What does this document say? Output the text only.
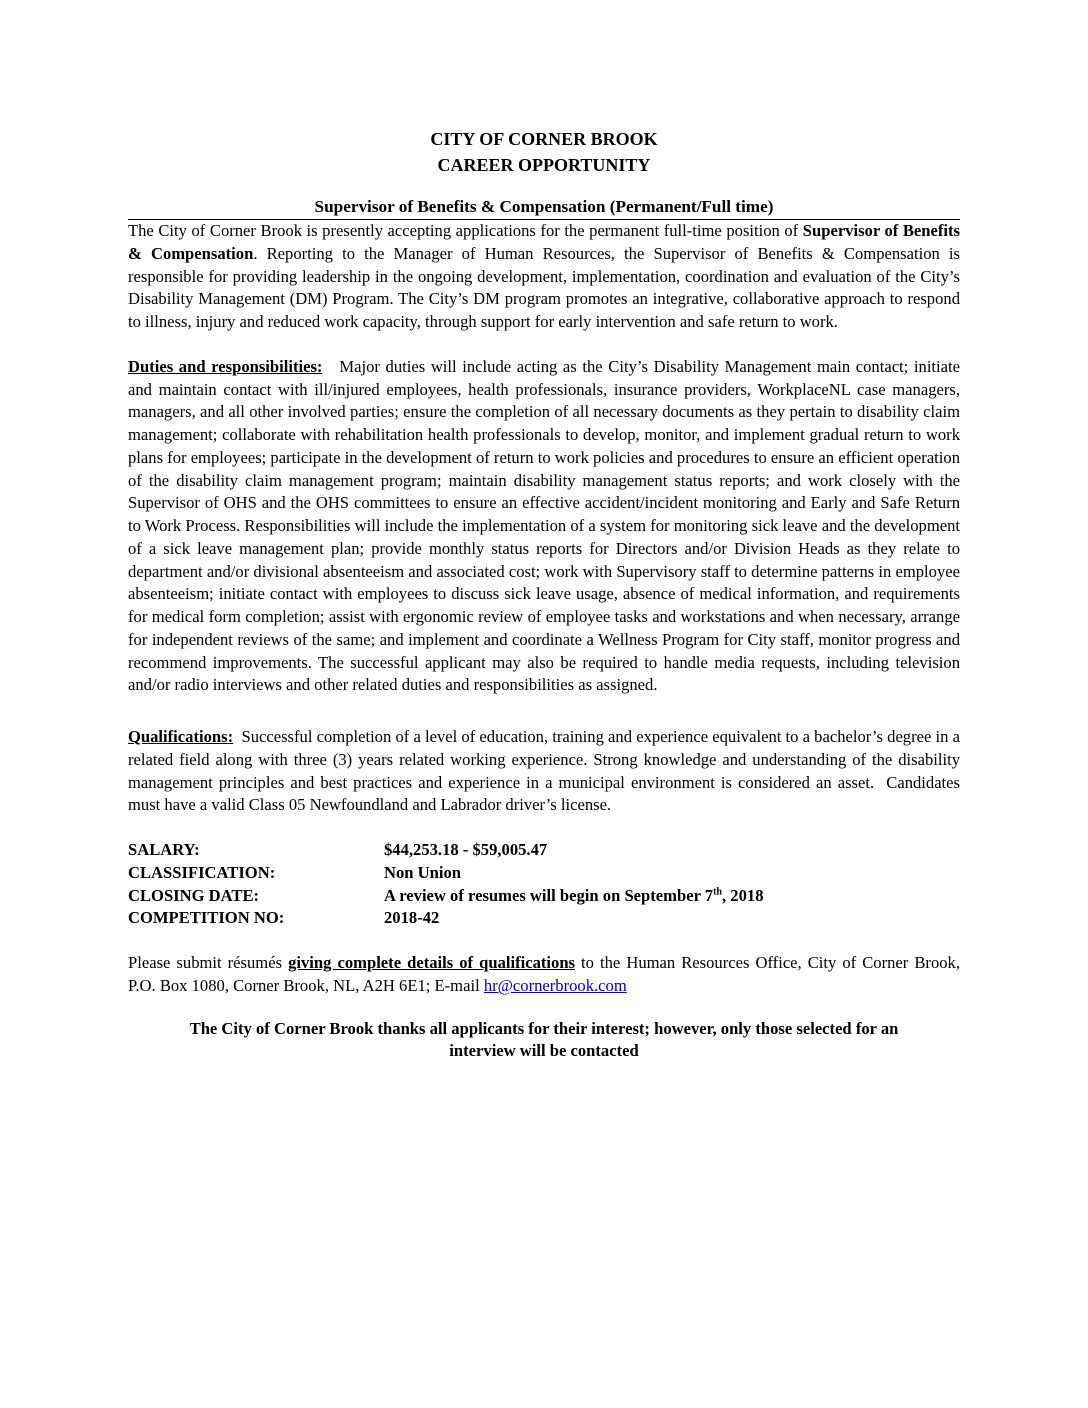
CITY OF CORNER BROOK
CAREER OPPORTUNITY
Supervisor of Benefits & Compensation (Permanent/Full time)

The City of Corner Brook is presently accepting applications for the permanent full-time position of Supervisor of Benefits & Compensation. Reporting to the Manager of Human Resources, the Supervisor of Benefits & Compensation is responsible for providing leadership in the ongoing development, implementation, coordination and evaluation of the City’s Disability Management (DM) Program. The City’s DM program promotes an integrative, collaborative approach to respond to illness, injury and reduced work capacity, through support for early intervention and safe return to work.

Duties and responsibilities:   Major duties will include acting as the City’s Disability Management main contact; initiate and maintain contact with ill/injured employees, health professionals, insurance providers, WorkplaceNL case managers, managers, and all other involved parties; ensure the completion of all necessary documents as they pertain to disability claim management; collaborate with rehabilitation health professionals to develop, monitor, and implement gradual return to work plans for employees; participate in the development of return to work policies and procedures to ensure an efficient operation of the disability claim management program; maintain disability management status reports; and work closely with the Supervisor of OHS and the OHS committees to ensure an effective accident/incident monitoring and Early and Safe Return to Work Process. Responsibilities will include the implementation of a system for monitoring sick leave and the development of a sick leave management plan; provide monthly status reports for Directors and/or Division Heads as they relate to department and/or divisional absenteeism and associated cost; work with Supervisory staff to determine patterns in employee absenteeism; initiate contact with employees to discuss sick leave usage, absence of medical information, and requirements for medical form completion; assist with ergonomic review of employee tasks and workstations and when necessary, arrange for independent reviews of the same; and implement and coordinate a Wellness Program for City staff, monitor progress and recommend improvements. The successful applicant may also be required to handle media requests, including television and/or radio interviews and other related duties and responsibilities as assigned.

Qualifications:  Successful completion of a level of education, training and experience equivalent to a bachelor’s degree in a related field along with three (3) years related working experience. Strong knowledge and understanding of the disability management principles and best practices and experience in a municipal environment is considered an asset.  Candidates must have a valid Class 05 Newfoundland and Labrador driver’s license.

SALARY:	$44,253.18 - $59,005.47
CLASSIFICATION:	Non Union
CLOSING DATE:	A review of resumes will begin on September 7th, 2018
COMPETITION NO:	2018-42

Please submit résumés giving complete details of qualifications to the Human Resources Office, City of Corner Brook, P.O. Box 1080, Corner Brook, NL, A2H 6E1; E-mail hr@cornerbrook.com

The City of Corner Brook thanks all applicants for their interest; however, only those selected for an
interview will be contacted
